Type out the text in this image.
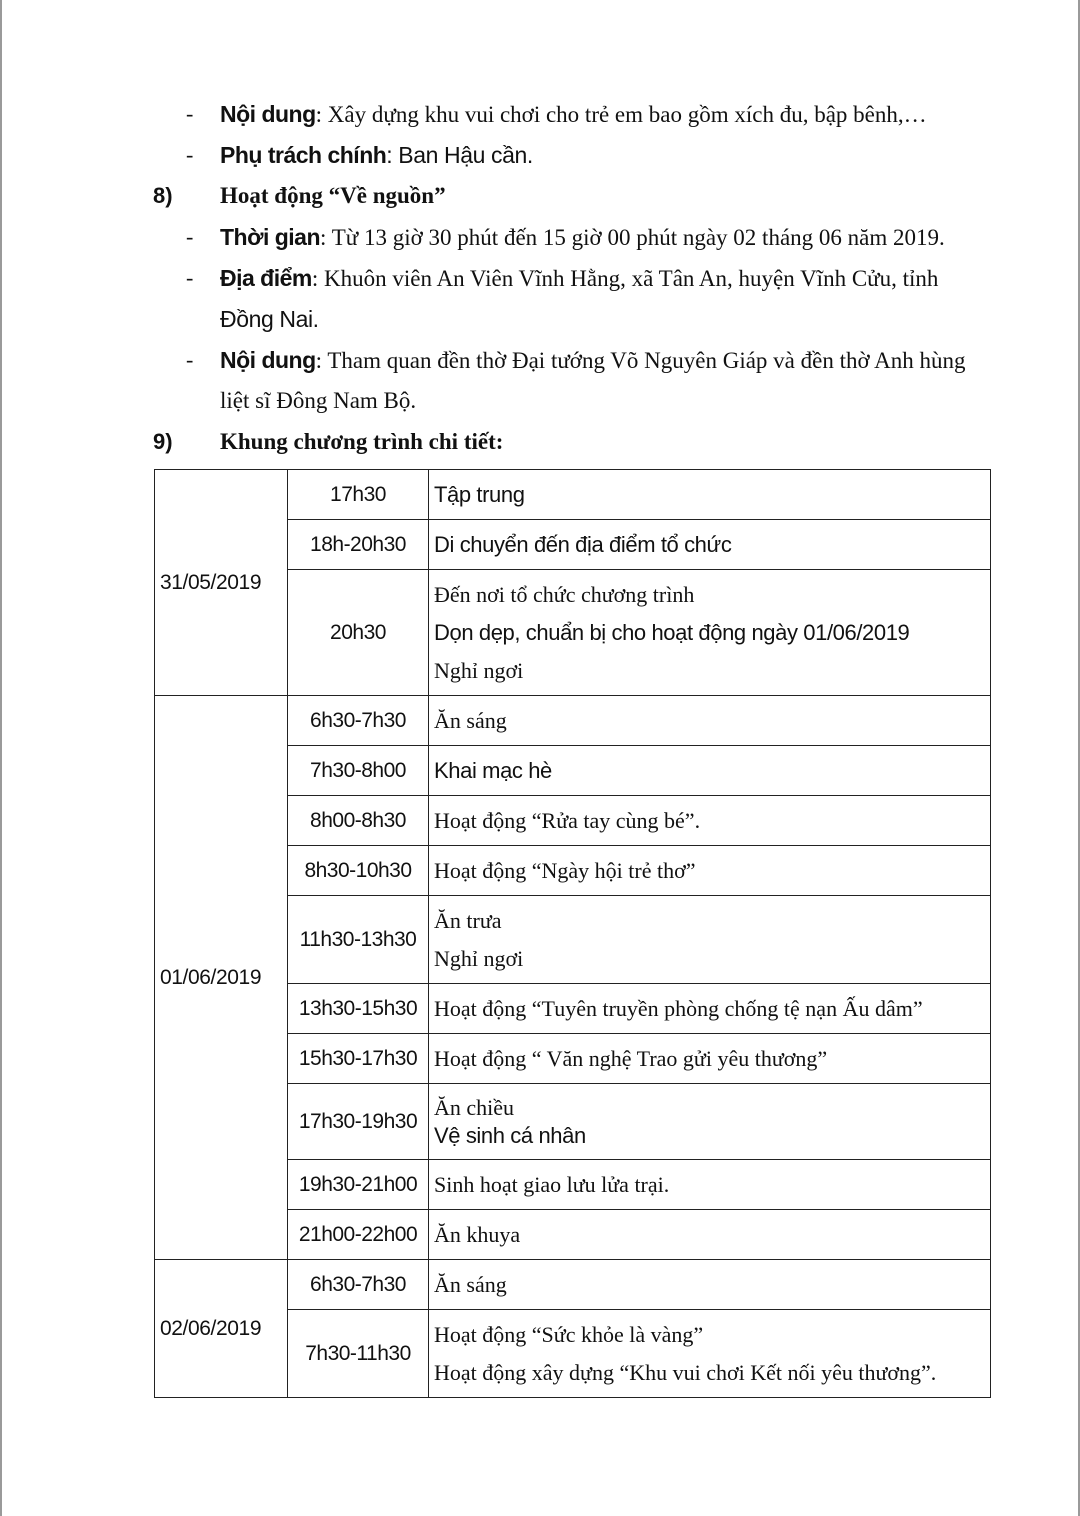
- Nội dung: Xây dựng khu vui chơi cho trẻ em bao gồm xích đu, bập bênh,…
- Phụ trách chính: Ban Hậu cần.
8) Hoạt động “Về nguồn”
- Thời gian: Từ 13 giờ 30 phút đến 15 giờ 00 phút ngày 02 tháng 06 năm 2019.
- Địa điểm: Khuôn viên An Viên Vĩnh Hằng, xã Tân An, huyện Vĩnh Cửu, tỉnh
Đồng Nai.
- Nội dung: Tham quan đền thờ Đại tướng Võ Nguyên Giáp và đền thờ Anh hùng
liệt sĩ Đông Nam Bộ.
9) Khung chương trình chi tiết:
31/05/2019	17h30	Tập trung

	18h-20h30	Di chuyển đến địa điểm tổ chức

	20h30	Đến nơi tổ chức chương trình
Dọn dẹp, chuẩn bị cho hoạt động ngày 01/06/2019
Nghỉ ngơi

01/06/2019	6h30-7h30	Ăn sáng

	7h30-8h00	Khai mạc hè

	8h00-8h30	Hoạt động “Rửa tay cùng bé”.

	8h30-10h30	Hoạt động “Ngày hội trẻ thơ”

	11h30-13h30	Ăn trưa
Nghỉ ngơi

	13h30-15h30	Hoạt động “Tuyên truyền phòng chống tệ nạn Ấu dâm”

	15h30-17h30	Hoạt động “ Văn nghệ Trao gửi yêu thương”

	17h30-19h30	Ăn chiều
Vệ sinh cá nhân

	19h30-21h00	Sinh hoạt giao lưu lửa trại.

	21h00-22h00	Ăn khuya

02/06/2019	6h30-7h30	Ăn sáng

	7h30-11h30	Hoạt động “Sức khỏe là vàng”
Hoạt động xây dựng “Khu vui chơi Kết nối yêu thương”.
